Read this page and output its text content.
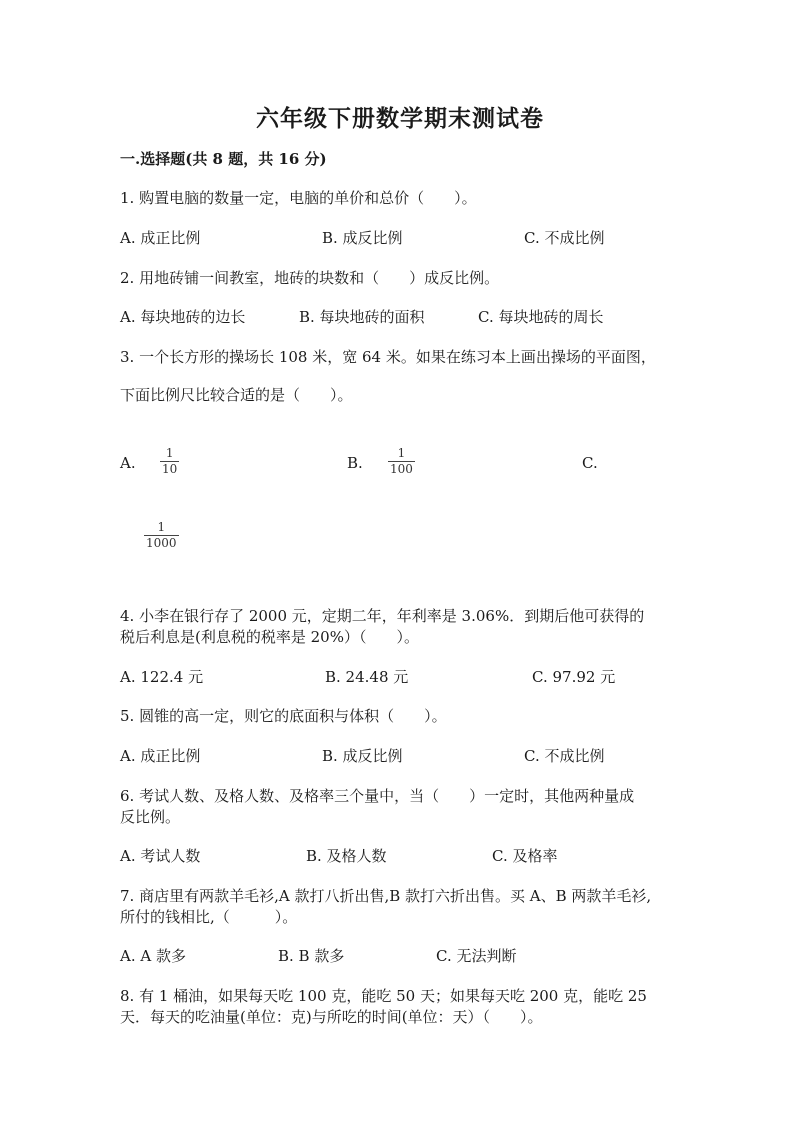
六年级下册数学期末测试卷
一.选择题(共 8 题，共 16 分)
1. 购置电脑的数量一定，电脑的单价和总价（　　）。
A. 成正比例	B. 成反比例	C. 不成比例
2. 用地砖铺一间教室，地砖的块数和（　　）成反比例。
A. 每块地砖的边长	B. 每块地砖的面积	C. 每块地砖的周长
3. 一个长方形的操场长 108 米，宽 64 米。如果在练习本上画出操场的平面图，
下面比例尺比较合适的是（　　）。
A.
1
10	B.
1
100	C.
1
1000
4. 小李在银行存了 2000 元，定期二年，年利率是 3.06%．到期后他可获得的
税后利息是(利息税的税率是 20%）（　　）。
A. 122.4 元	B. 24.48 元	C. 97.92 元
5. 圆锥的高一定，则它的底面积与体积（　　）。
A. 成正比例	B. 成反比例	C. 不成比例
6. 考试人数、及格人数、及格率三个量中，当（　　）一定时，其他两种量成
反比例。
A. 考试人数	B. 及格人数	C. 及格率
7. 商店里有两款羊毛衫,A 款打八折出售,B 款打六折出售。买 A、B 两款羊毛衫,
所付的钱相比,（　　　）。
A. A 款多	B. B 款多	C. 无法判断
8. 有 1 桶油，如果每天吃 100 克，能吃 50 天；如果每天吃 200 克，能吃 25
天．每天的吃油量(单位：克)与所吃的时间(单位：天）（　　）。
